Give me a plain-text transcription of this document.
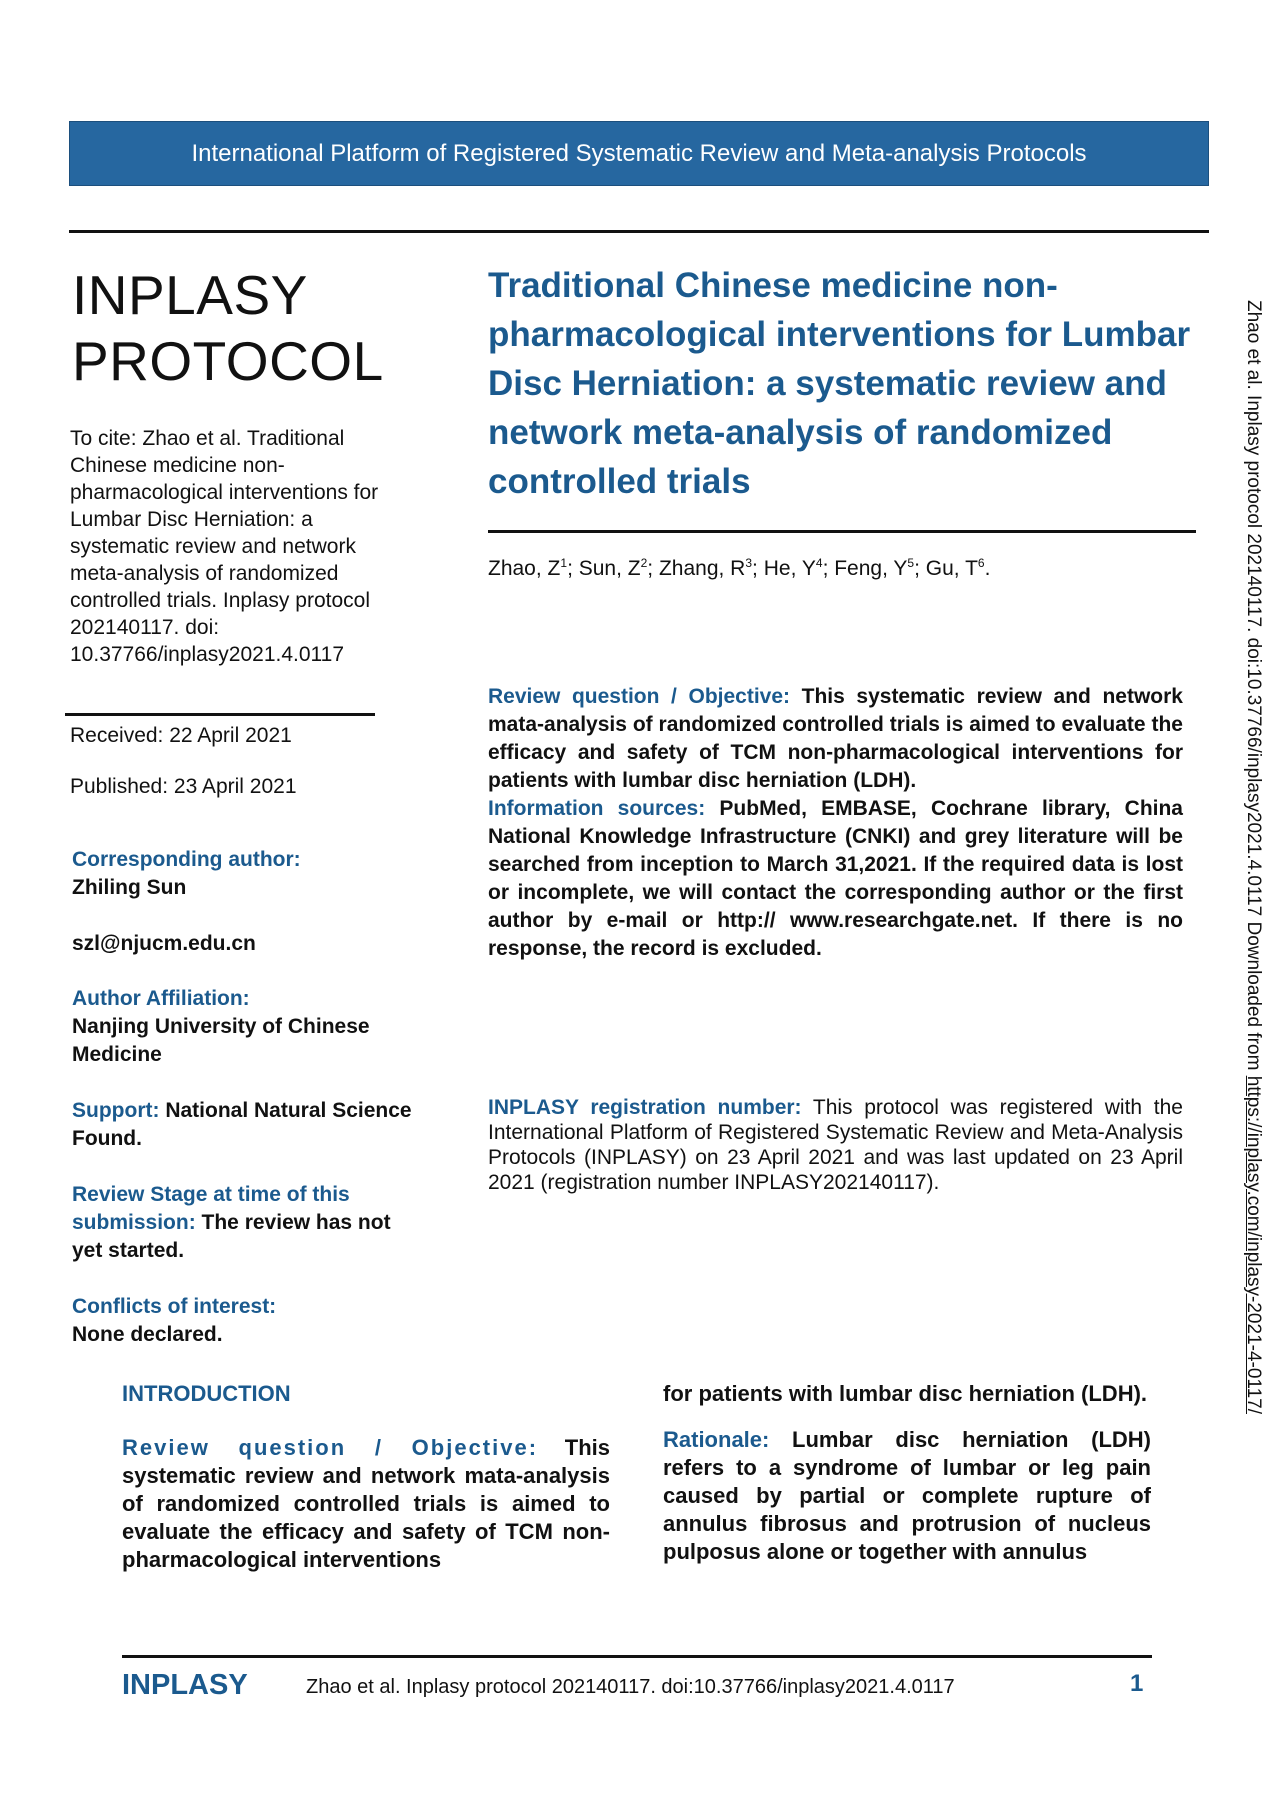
International Platform of Registered Systematic Review and Meta-analysis Protocols
INPLASY
PROTOCOL
To cite: Zhao et al. Traditional Chinese medicine non-pharmacological interventions for Lumbar Disc Herniation: a systematic review and network meta-analysis of randomized controlled trials. Inplasy protocol 202140117. doi: 10.37766/inplasy2021.4.0117
Received: 22 April 2021
Published: 23 April 2021
Corresponding author:
Zhiling Sun
szl@njucm.edu.cn
Author Affiliation:
Nanjing University of Chinese Medicine
Support: National Natural Science Found.
Review Stage at time of this submission: The review has not yet started.
Conflicts of interest:
None declared.
Traditional Chinese medicine non-pharmacological interventions for Lumbar Disc Herniation: a systematic review and network meta-analysis of randomized controlled trials
Zhao, $Z^1$; Sun, $Z^2$; Zhang, $R^3$; He, $Y^4$; Feng, $Y^5$; Gu, $T^6$.
Review question / Objective: This systematic review and network mata-analysis of randomized controlled trials is aimed to evaluate the efficacy and safety of TCM non-pharmacological interventions for patients with lumbar disc herniation (LDH).
Information sources: PubMed, EMBASE, Cochrane library, China National Knowledge Infrastructure (CNKI) and grey literature will be searched from inception to March 31,2021. If the required data is lost or incomplete, we will contact the corresponding author or the first author by e-mail or http:// www.researchgate.net. If there is no response, the record is excluded.
INPLASY registration number: This protocol was registered with the International Platform of Registered Systematic Review and Meta-Analysis Protocols (INPLASY) on 23 April 2021 and was last updated on 23 April 2021 (registration number INPLASY202140117).
INTRODUCTION
Review question / Objective: This systematic review and network mata-analysis of randomized controlled trials is aimed to evaluate the efficacy and safety of TCM non-pharmacological interventions
for patients with lumbar disc herniation (LDH).
Rationale: Lumbar disc herniation (LDH) refers to a syndrome of lumbar or leg pain caused by partial or complete rupture of annulus fibrosus and protrusion of nucleus pulposus alone or together with annulus
Zhao et al. Inplasy protocol 202140117. doi:10.37766/inplasy2021.4.0117 Downloaded from https://inplasy.com/inplasy-2021-4-0117/
INPLASY	Zhao et al. Inplasy protocol 202140117. doi:10.37766/inplasy2021.4.0117	1
